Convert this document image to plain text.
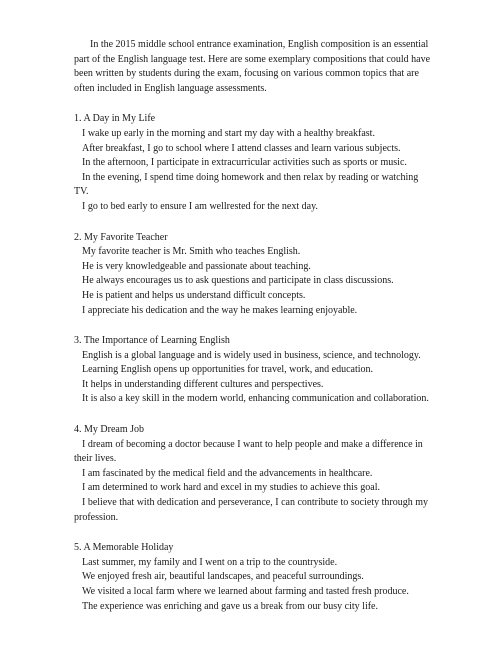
In the 2015 middle school entrance examination, English composition is an essential part of the English language test. Here are some exemplary compositions that could have been written by students during the exam, focusing on various common topics that are often included in English language assessments.

1. A Day in My Life

I wake up early in the morning and start my day with a healthy breakfast.
After breakfast, I go to school where I attend classes and learn various subjects.
In the afternoon, I participate in extracurricular activities such as sports or music.
In the evening, I spend time doing homework and then relax by reading or watching TV.
I go to bed early to ensure I am wellrested for the next day.

2. My Favorite Teacher

My favorite teacher is Mr. Smith who teaches English.
He is very knowledgeable and passionate about teaching.
He always encourages us to ask questions and participate in class discussions.
He is patient and helps us understand difficult concepts.
I appreciate his dedication and the way he makes learning enjoyable.

3. The Importance of Learning English

English is a global language and is widely used in business, science, and technology.
Learning English opens up opportunities for travel, work, and education.
It helps in understanding different cultures and perspectives.
It is also a key skill in the modern world, enhancing communication and collaboration.

4. My Dream Job

I dream of becoming a doctor because I want to help people and make a difference in their lives.
I am fascinated by the medical field and the advancements in healthcare.
I am determined to work hard and excel in my studies to achieve this goal.
I believe that with dedication and perseverance, I can contribute to society through my profession.

5. A Memorable Holiday

Last summer, my family and I went on a trip to the countryside.
We enjoyed fresh air, beautiful landscapes, and peaceful surroundings.
We visited a local farm where we learned about farming and tasted fresh produce.
The experience was enriching and gave us a break from our busy city life.
